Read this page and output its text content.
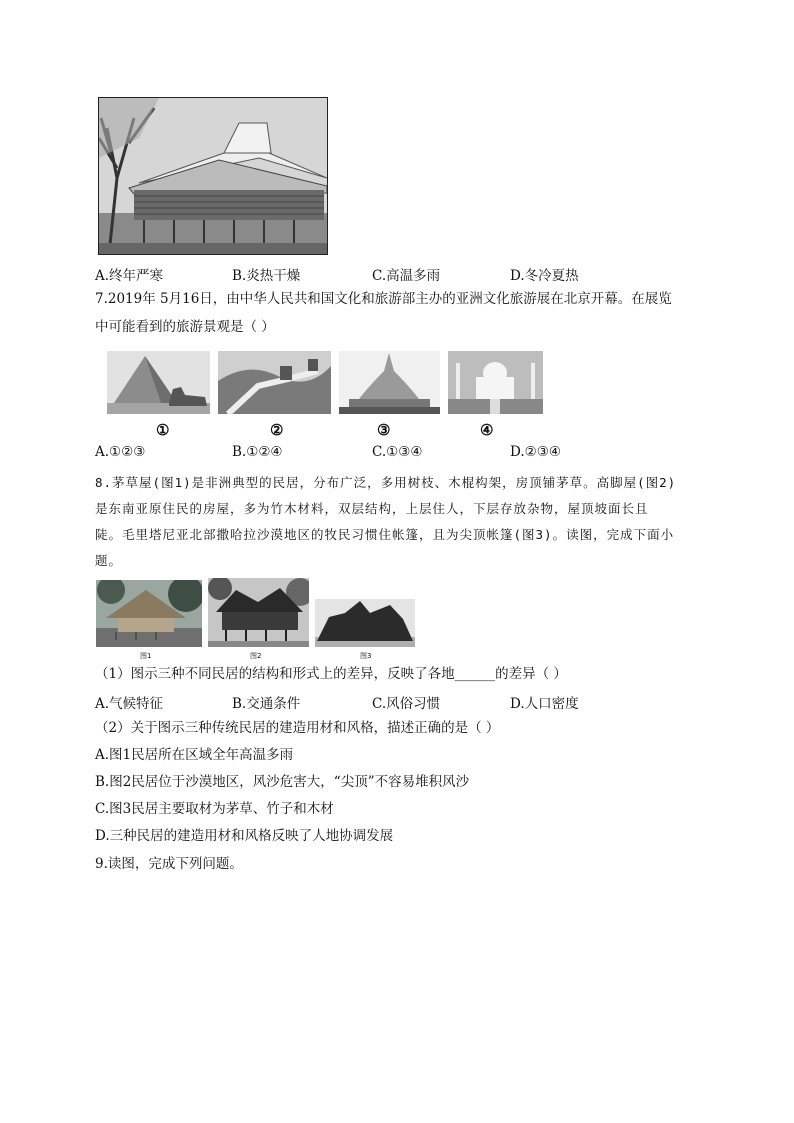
A.终年严寒	B.炎热干燥	C.高温多雨	D.冬冷夏热
7.2019年 5月16日，由中华人民共和国文化和旅游部主办的亚洲文化旅游展在北京开幕。在展览
中可能看到的旅游景观是（ ）
①	②	③	④
A.①②③	B.①②④	C.①③④	D.②③④
8.茅草屋(图1)是非洲典型的民居，分布广泛，多用树枝、木棍构架，房顶铺茅草。高脚屋(图2)
是东南亚原住民的房屋，多为竹木材料，双层结构，上层住人，下层存放杂物，屋顶坡面长且
陡。毛里塔尼亚北部撒哈拉沙漠地区的牧民习惯住帐篷，且为尖顶帐篷(图3)。读图，完成下面小
题。
图1	图2	图3
（1）图示三种不同民居的结构和形式上的差异，反映了各地______的差异（ ）
A.气候特征	B.交通条件	C.风俗习惯	D.人口密度
（2）关于图示三种传统民居的建造用材和风格，描述正确的是（ ）
A.图1民居所在区域全年高温多雨
B.图2民居位于沙漠地区，风沙危害大，“尖顶”不容易堆积风沙
C.图3民居主要取材为茅草、竹子和木材
D.三种民居的建造用材和风格反映了人地协调发展
9.读图，完成下列问题。
